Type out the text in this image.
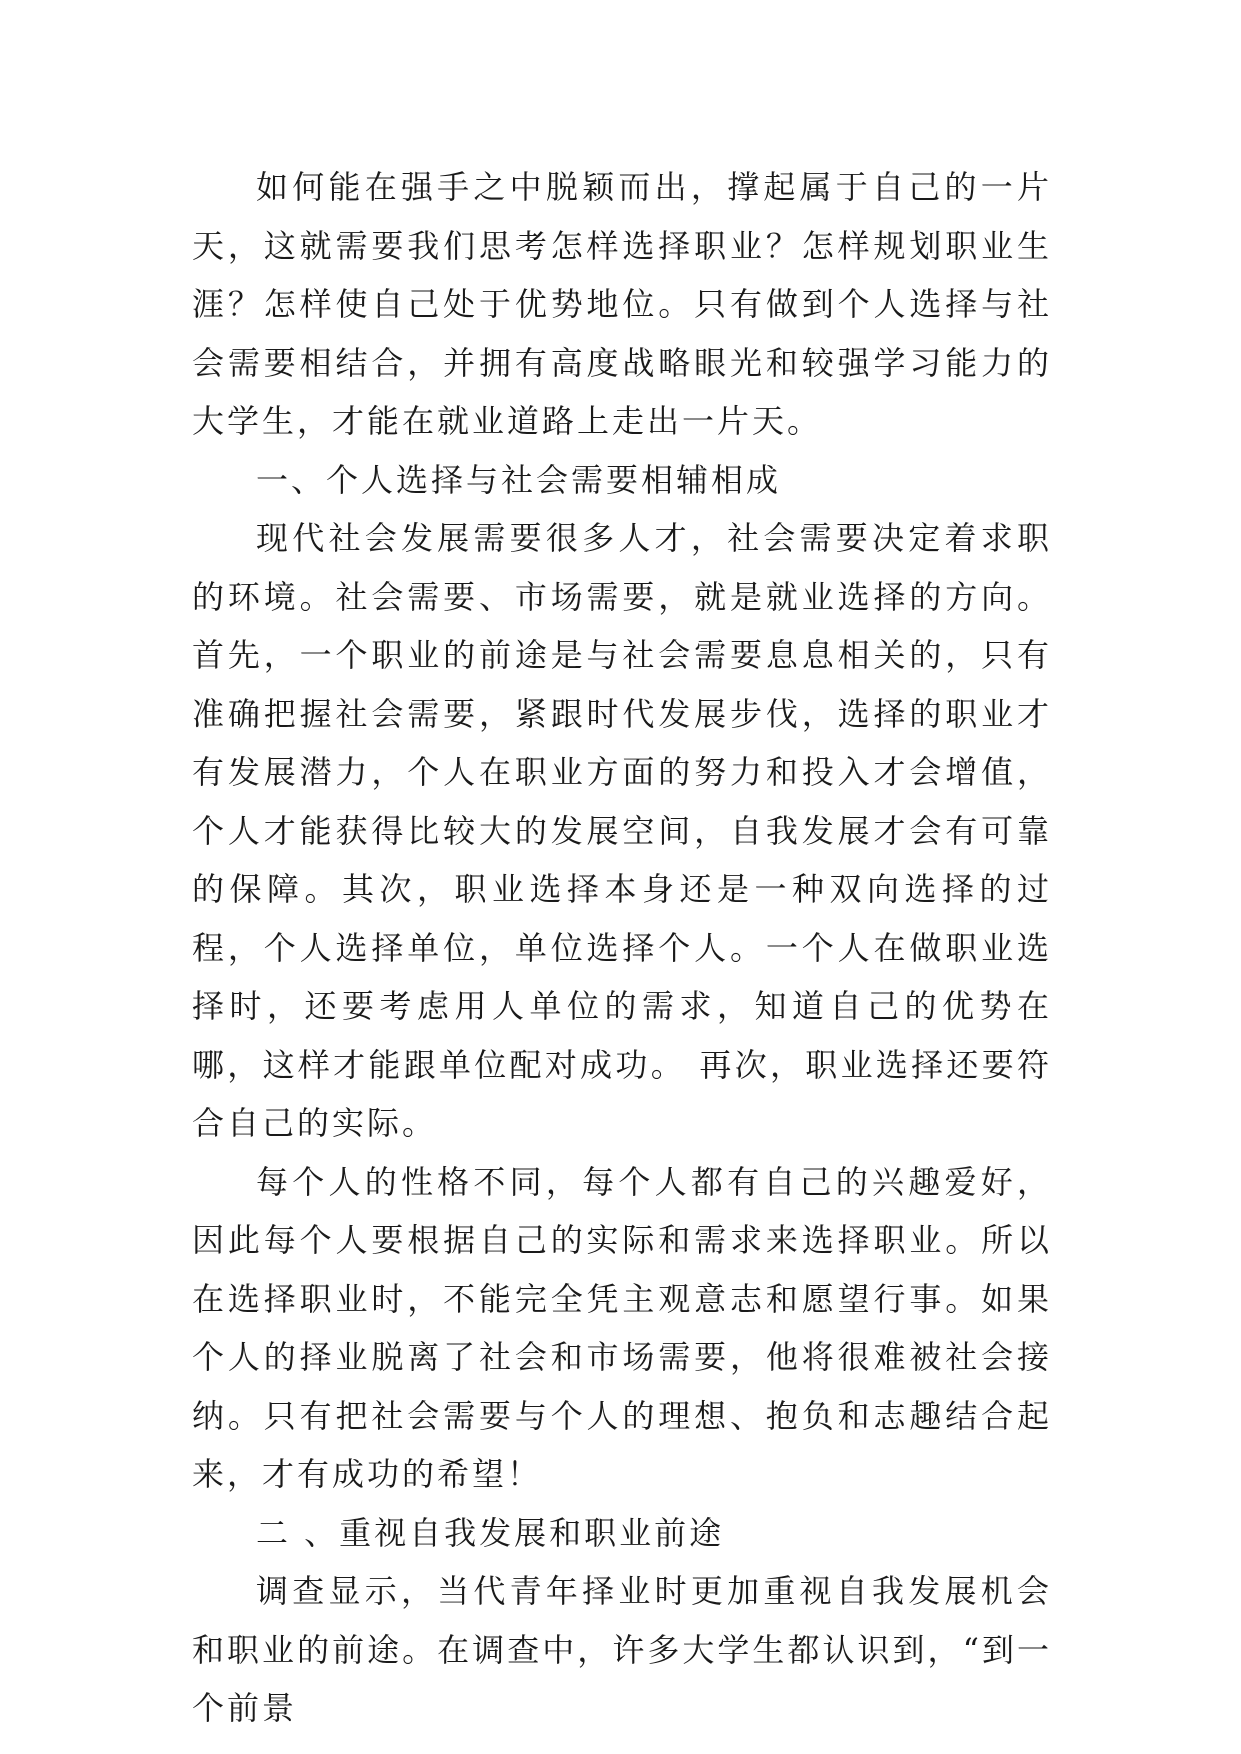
如何能在强手之中脱颖而出，撑起属于自己的一片天，这就需要我们思考怎样选择职业？怎样规划职业生涯？怎样使自己处于优势地位。只有做到个人选择与社会需要相结合，并拥有高度战略眼光和较强学习能力的大学生，才能在就业道路上走出一片天。

一、个人选择与社会需要相辅相成

现代社会发展需要很多人才，社会需要决定着求职的环境。社会需要、市场需要，就是就业选择的方向。首先，一个职业的前途是与社会需要息息相关的，只有准确把握社会需要，紧跟时代发展步伐，选择的职业才有发展潜力，个人在职业方面的努力和投入才会增值，个人才能获得比较大的发展空间，自我发展才会有可靠的保障。其次，职业选择本身还是一种双向选择的过程，个人选择单位，单位选择个人。一个人在做职业选择时，还要考虑用人单位的需求，知道自己的优势在哪，这样才能跟单位配对成功。 再次，职业选择还要符合自己的实际。

每个人的性格不同，每个人都有自己的兴趣爱好，因此每个人要根据自己的实际和需求来选择职业。所以在选择职业时，不能完全凭主观意志和愿望行事。如果个人的择业脱离了社会和市场需要，他将很难被社会接纳。只有把社会需要与个人的理想、抱负和志趣结合起来，才有成功的希望！

二 、重视自我发展和职业前途

调查显示，当代青年择业时更加重视自我发展机会和职业的前途。在调查中，许多大学生都认识到，“到一个前景
